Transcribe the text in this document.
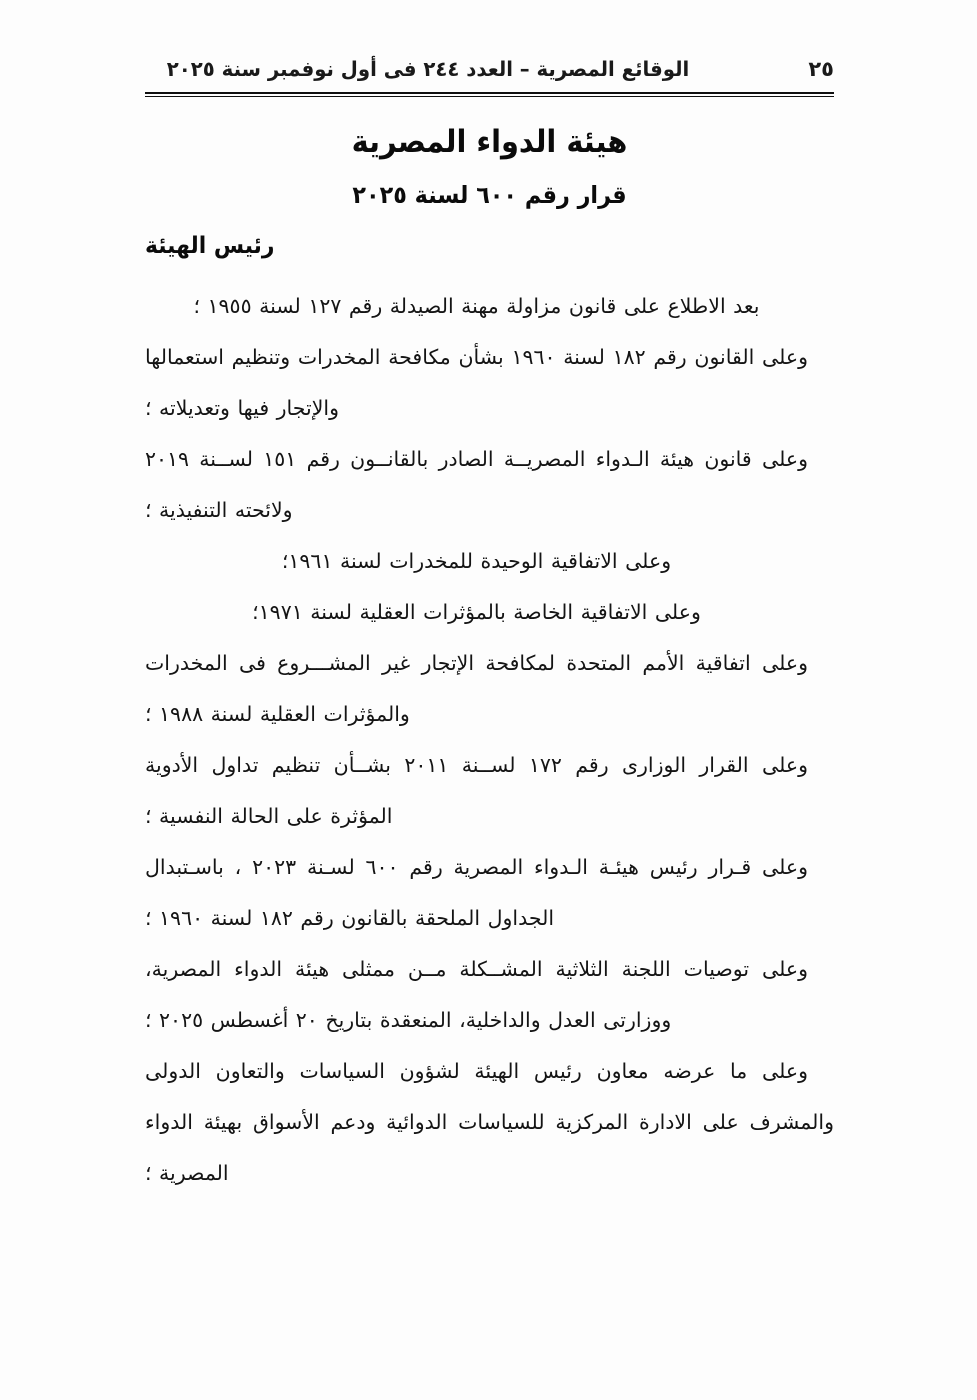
الوقائع المصرية – العدد ٢٤٤ فى أول نوفمبر سنة ٢٠٢٥	٢٥
هيئة الدواء المصرية
قرار رقم ٦٠٠ لسنة ٢٠٢٥
رئيس الهيئة

بعد الاطلاع على قانون مزاولة مهنة الصيدلة رقم ١٢٧ لسنة ١٩٥٥ ؛

وعلى القانون رقم ١٨٢ لسنة ١٩٦٠ بشأن مكافحة المخدرات وتنظيم استعمالها والإتجار فيها وتعديلاته ؛

وعلى قانون هيئة الـدواء المصريــة الصادر بالقانــون رقم ١٥١ لســنة ٢٠١٩ ولائحته التنفيذية ؛

وعلى الاتفاقية الوحيدة للمخدرات لسنة ١٩٦١؛

وعلى الاتفاقية الخاصة بالمؤثرات العقلية لسنة ١٩٧١؛

وعلى اتفاقية الأمم المتحدة لمكافحة الإتجار غير المشـــروع فى المخدرات والمؤثرات العقلية لسنة ١٩٨٨ ؛

وعلى القرار الوزارى رقم ١٧٢ لســنة ٢٠١١ بشــأن تنظيم تداول الأدوية المؤثرة على الحالة النفسية ؛

وعلى قـرار رئيس هيئـة الـدواء المصرية رقم ٦٠٠ لسـنة ٢٠٢٣ ، باسـتبدال الجداول الملحقة بالقانون رقم ١٨٢ لسنة ١٩٦٠ ؛

وعلى توصيات اللجنة الثلاثية المشــكلة مــن ممثلى هيئة الدواء المصرية، ووزارتى العدل والداخلية، المنعقدة بتاريخ ٢٠ أغسطس ٢٠٢٥ ؛

وعلى ما عرضه معاون رئيس الهيئة لشؤون السياسات والتعاون الدولى والمشرف على الادارة المركزية للسياسات الدوائية ودعم الأسواق بهيئة الدواء المصرية ؛
